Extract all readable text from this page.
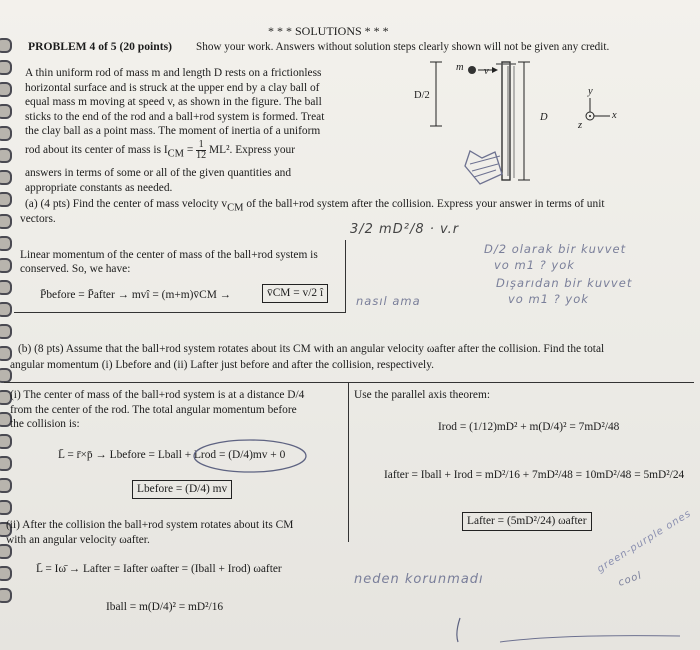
* * * SOLUTIONS * * *
PROBLEM 4 of 5 (20 points) Show your work. Answers without solution steps clearly shown will not be given any credit.
A thin uniform rod of mass m and length D rests on a frictionless
horizontal surface and is struck at the upper end by a clay ball of
equal mass m moving at speed v, as shown in the figure. The ball
sticks to the end of the rod and a ball+rod system is formed. Treat
the clay ball as a point mass. The moment of inertia of a uniform
rod about its center of mass is $I_{CM} = \frac{1}{12} ML^2$. Express your
answers in terms of some or all of the given quantities and
appropriate constants as needed.
m v
D/2
D
y
x
z
(a) (4 pts) Find the center of mass velocity $v_{CM}$ of the ball+rod system after the collision. Express your answer in terms of unit
vectors.
Linear momentum of the center of mass of the ball+rod system is
conserved. So, we have:
P̄before = P̄after → mvî = (m+m)v̄CM →	v̄CM = v/2 î
3/2 mD²/8 · v.r
D/2 olarak bir kuvvet
vo m1 ? yok
Dışarıdan bir kuvvet
vo m1 ? yok
nasıl ama
(b) (8 pts) Assume that the ball+rod system rotates about its CM with an angular velocity ωafter after the collision. Find the total
angular momentum (i) Lbefore and (ii) Lafter just before and after the collision, respectively.
(i) The center of mass of the ball+rod system is at a distance D/4
from the center of the rod. The total angular momentum before
the collision is:
L̄ = r̄×p̄ → Lbefore = Lball + Lrod = (D/4)mv + 0
Lbefore = (D/4) mv
(ii) After the collision the ball+rod system rotates about its CM
with an angular velocity ωafter.
L̄ = Iω̄ → Lafter = Iafter ωafter = (Iball + Irod) ωafter
Iball = m(D/4)² = mD²/16
Use the parallel axis theorem:
Irod = (1/12)mD² + m(D/4)² = 7mD²/48
Iafter = Iball + Irod = mD²/16 + 7mD²/48 = 10mD²/48 = 5mD²/24
Lafter = (5mD²/24) ωafter
neden korunmadı
green-purple ones
cool
